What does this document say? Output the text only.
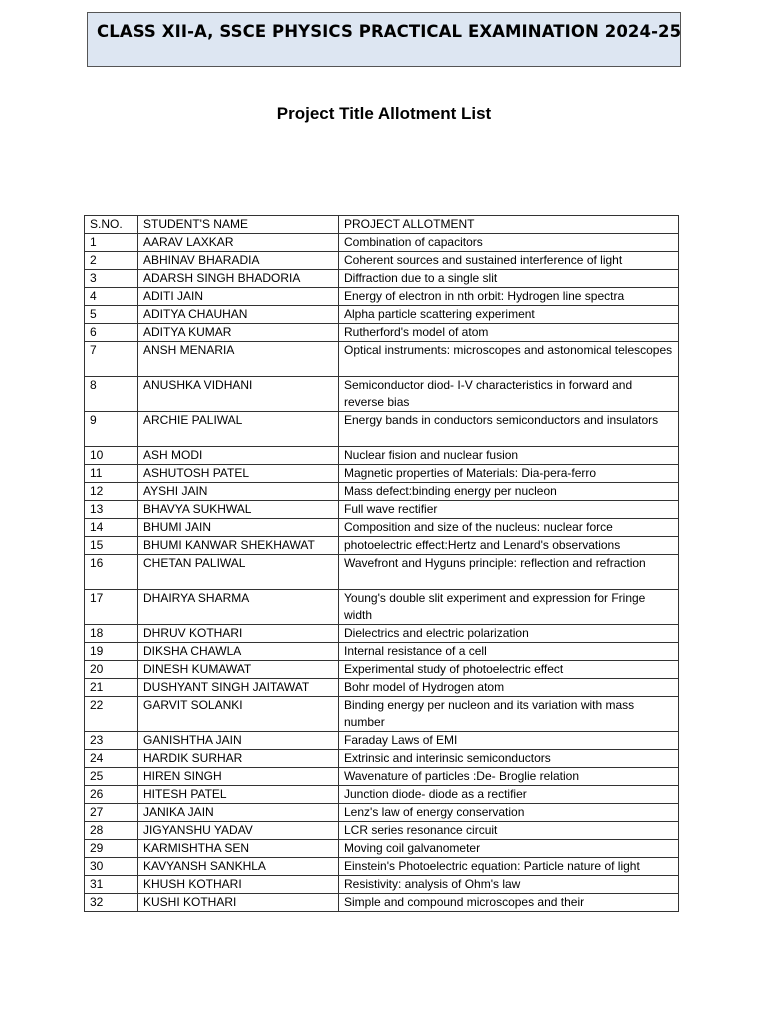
CLASS XII-A, SSCE PHYSICS PRACTICAL EXAMINATION 2024-25
Project Title Allotment List
S.NO.	STUDENT'S NAME	PROJECT ALLOTMENT
1	AARAV LAXKAR	Combination of capacitors
2	ABHINAV BHARADIA	Coherent sources and sustained interference of light
3	ADARSH SINGH BHADORIA	Diffraction due to a single slit
4	ADITI JAIN	Energy of electron in nth orbit: Hydrogen line spectra
5	ADITYA CHAUHAN	Alpha particle scattering experiment
6	ADITYA KUMAR	Rutherford's model of atom
7	ANSH MENARIA	Optical instruments: microscopes and astonomical telescopes
8	ANUSHKA VIDHANI	Semiconductor diod- I-V characteristics in forward and reverse bias
9	ARCHIE PALIWAL	Energy bands in conductors semiconductors and insulators
10	ASH MODI	Nuclear fision and nuclear fusion
11	ASHUTOSH PATEL	Magnetic properties of Materials: Dia-pera-ferro
12	AYSHI JAIN	Mass defect:binding energy per nucleon
13	BHAVYA SUKHWAL	Full wave rectifier
14	BHUMI JAIN	Composition and size of the nucleus: nuclear force
15	BHUMI KANWAR SHEKHAWAT	photoelectric effect:Hertz and Lenard's observations
16	CHETAN PALIWAL	Wavefront and Hyguns principle: reflection and refraction
17	DHAIRYA SHARMA	Young's double slit experiment and expression for Fringe width
18	DHRUV KOTHARI	Dielectrics and electric polarization
19	DIKSHA CHAWLA	Internal resistance of a cell
20	DINESH KUMAWAT	Experimental study of photoelectric effect
21	DUSHYANT SINGH JAITAWAT	Bohr model of Hydrogen atom
22	GARVIT SOLANKI	Binding energy per nucleon and its variation with mass number
23	GANISHTHA JAIN	Faraday Laws of EMI
24	HARDIK SURHAR	Extrinsic and interinsic semiconductors
25	HIREN SINGH	Wavenature of particles :De- Broglie relation
26	HITESH PATEL	Junction diode- diode as a rectifier
27	JANIKA JAIN	Lenz's law of energy conservation
28	JIGYANSHU YADAV	LCR series resonance circuit
29	KARMISHTHA SEN	Moving coil galvanometer
30	KAVYANSH SANKHLA	Einstein's Photoelectric equation: Particle nature of light
31	KHUSH KOTHARI	Resistivity: analysis of Ohm's law
32	KUSHI KOTHARI	Simple and compound microscopes and their
